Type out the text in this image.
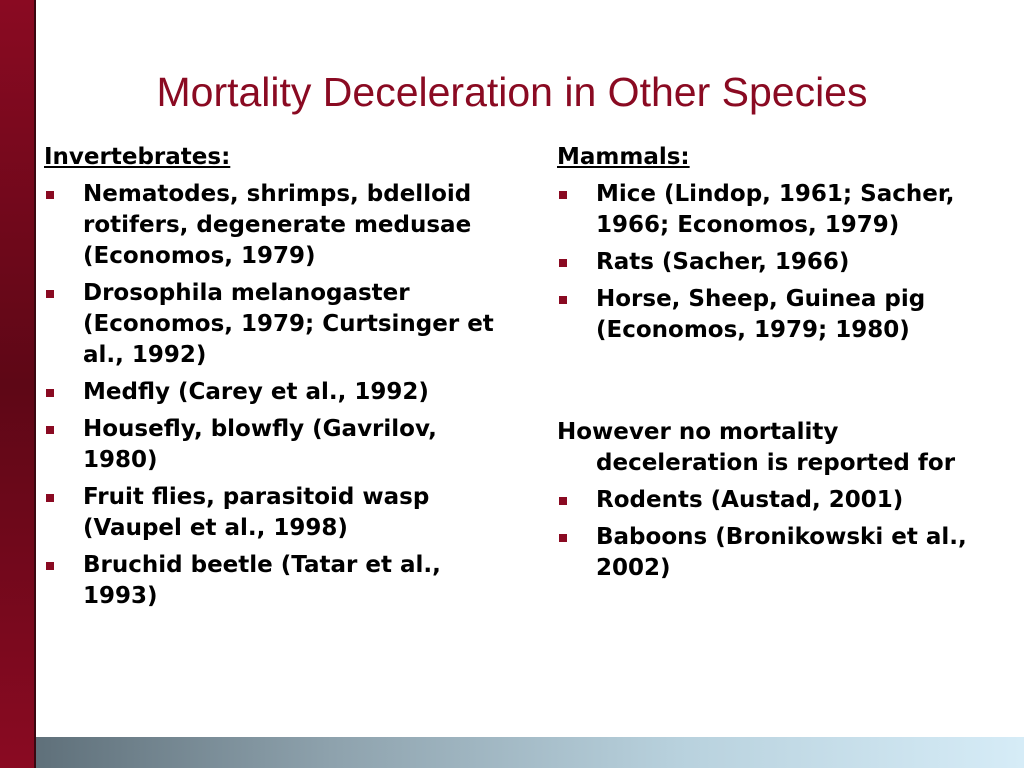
Mortality Deceleration in Other Species
Invertebrates:
Nematodes, shrimps, bdelloid rotifers, degenerate medusae (Economos, 1979)
Drosophila melanogaster (Economos, 1979; Curtsinger et al., 1992)
Medfly (Carey et al., 1992)
Housefly, blowfly (Gavrilov, 1980)
Fruit flies, parasitoid wasp (Vaupel et al., 1998)
Bruchid beetle (Tatar et al., 1993)
Mammals:
Mice (Lindop, 1961; Sacher, 1966; Economos, 1979)
Rats (Sacher, 1966)
Horse, Sheep, Guinea pig (Economos, 1979; 1980)
However no mortality deceleration is reported for
Rodents (Austad, 2001)
Baboons (Bronikowski et al., 2002)
